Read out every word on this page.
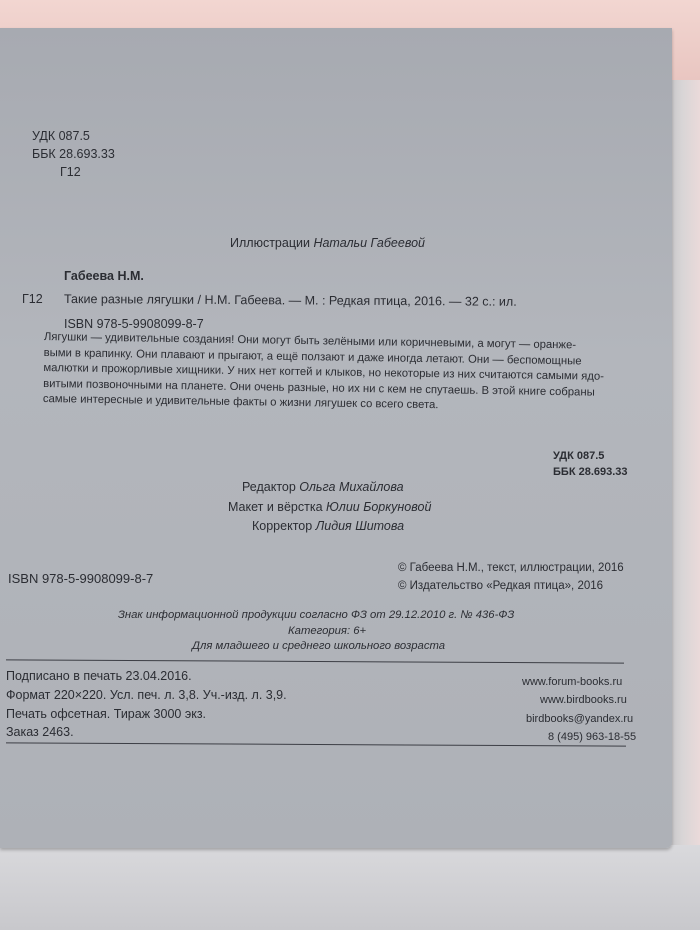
УДК 087.5
ББК 28.693.33
Г12
Иллюстрации Натальи Габеевой
Габеева Н.М.
Г12 Такие разные лягушки / Н.М. Габеева. — М. : Редкая птица, 2016. — 32 с.: ил.
ISBN 978-5-9908099-8-7
Лягушки — удивительные создания! Они могут быть зелёными или коричневыми, а могут — оранже-
выми в крапинку. Они плавают и прыгают, а ещё ползают и даже иногда летают. Они — беспомощные
малютки и прожорливые хищники. У них нет когтей и клыков, но некоторые из них считаются самыми ядо-
витыми позвоночными на планете. Они очень разные, но их ни с кем не спутаешь. В этой книге собраны
самые интересные и удивительные факты о жизни лягушек со всего света.
УДК 087.5
ББК 28.693.33
Редактор Ольга Михайлова
Макет и вёрстка Юлии Боркуновой
Корректор Лидия Шитова
ISBN 978-5-9908099-8-7
© Габеева Н.М., текст, иллюстрации, 2016
© Издательство «Редкая птица», 2016
Знак информационной продукции согласно ФЗ от 29.12.2010 г. № 436-ФЗ
Категория: 6+
Для младшего и среднего школьного возраста
Подписано в печать 23.04.2016.
Формат 220×220. Усл. печ. л. 3,8. Уч.-изд. л. 3,9.
Печать офсетная. Тираж 3000 экз.
Заказ 2463.
www.forum-books.ru
www.birdbooks.ru
birdbooks@yandex.ru
8 (495) 963-18-55
